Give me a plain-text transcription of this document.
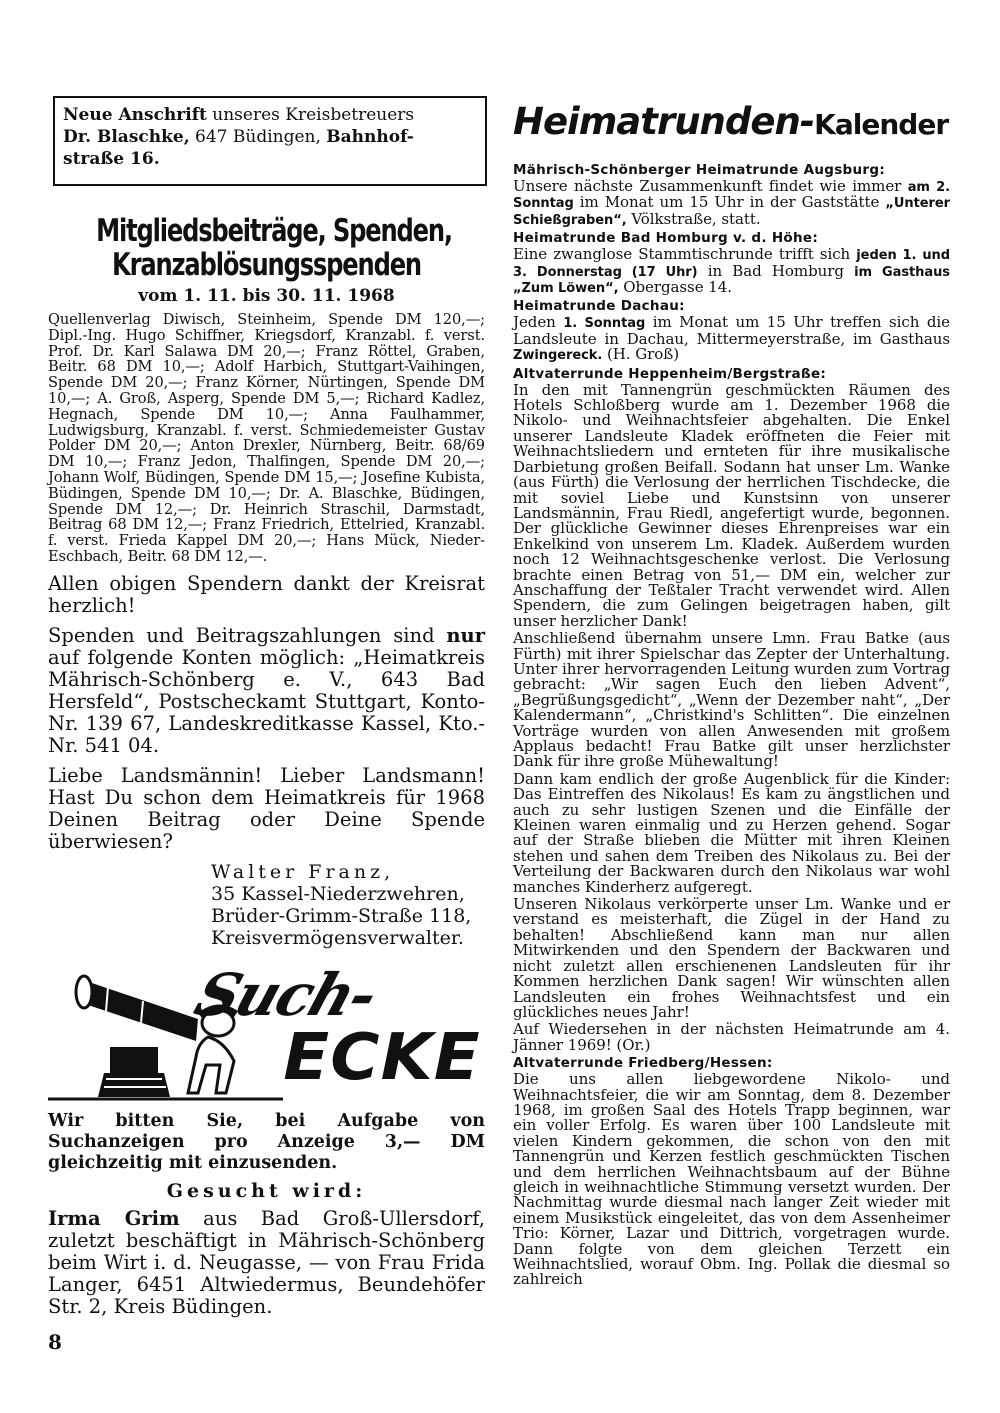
Neue Anschrift unseres Kreisbetreuers
Dr. Blaschke, 647 Büdingen, Bahnhof-
straße 16.

Mitgliedsbeiträge, Spenden,

Kranzablösungsspenden

vom 1. 11. bis 30. 11. 1968

Quellenverlag Diwisch, Steinheim, Spende DM 120,—; Dipl.-Ing. Hugo Schiffner, Kriegsdorf, Kranzabl. f. verst. Prof. Dr. Karl Salawa DM 20,—; Franz Röttel, Graben, Beitr. 68 DM 10,—; Adolf Harbich, Stuttgart-Vaihingen, Spende DM 20,—; Franz Körner, Nürtingen, Spende DM 10,—; A. Groß, Asperg, Spende DM 5,—; Richard Kadlez, Hegnach, Spende DM 10,—; Anna Faulhammer, Ludwigsburg, Kranzabl. f. verst. Schmiedemeister Gustav Polder DM 20,—; Anton Drexler, Nürnberg, Beitr. 68/69 DM 10,—; Franz Jedon, Thalfingen, Spende DM 20,—; Johann Wolf, Büdingen, Spende DM 15,—; Josefine Kubista, Büdingen, Spende DM 10,—; Dr. A. Blaschke, Büdingen, Spende DM 12,—; Dr. Heinrich Straschil, Darmstadt, Beitrag 68 DM 12,—; Franz Friedrich, Ettelried, Kranzabl. f. verst. Frieda Kappel DM 20,—; Hans Mück, Nieder-Eschbach, Beitr. 68 DM 12,—.

Allen obigen Spendern dankt der Kreisrat herzlich!

Spenden und Beitragszahlungen sind nur auf folgende Konten möglich: „Heimatkreis Mährisch-Schönberg e. V., 643 Bad Hersfeld“, Postscheckamt Stuttgart, Konto-Nr. 139 67, Landeskreditkasse Kassel, Kto.-Nr. 541 04.

Liebe Landsmännin! Lieber Landsmann! Hast Du schon dem Heimatkreis für 1968 Deinen Beitrag oder Deine Spende überwiesen?

Walter Franz,
35 Kassel-Niederzwehren,
Brüder-Grimm-Straße 118,
Kreisvermögensverwalter.
Such-
ECKE

Wir bitten Sie, bei Aufgabe von Suchanzeigen pro Anzeige 3,— DM gleichzeitig mit einzusenden.

Gesucht wird:

Irma Grim aus Bad Groß-Ullersdorf, zuletzt beschäftigt in Mährisch-Schönberg beim Wirt i. d. Neugasse, — von Frau Frida Langer, 6451 Altwiedermus, Beundehöfer Str. 2, Kreis Büdingen.

8
Heimatrunden-Kalender

Mährisch-Schönberger Heimatrunde Augsburg:

Unsere nächste Zusammenkunft findet wie immer am 2. Sonntag im Monat um 15 Uhr in der Gaststätte „Unterer Schießgraben“, Völkstraße, statt.

Heimatrunde Bad Homburg v. d. Höhe:

Eine zwanglose Stammtischrunde trifft sich jeden 1. und 3. Donnerstag (17 Uhr) in Bad Homburg im Gasthaus „Zum Löwen“, Obergasse 14.

Heimatrunde Dachau:

Jeden 1. Sonntag im Monat um 15 Uhr treffen sich die Landsleute in Dachau, Mittermeyerstraße, im Gasthaus Zwingereck. (H. Groß)

Altvaterrunde Heppenheim/Bergstraße:

In den mit Tannengrün geschmückten Räumen des Hotels Schloßberg wurde am 1. Dezember 1968 die Nikolo- und Weihnachtsfeier abgehalten. Die Enkel unserer Landsleute Kladek eröffneten die Feier mit Weihnachtsliedern und ernteten für ihre musikalische Darbietung großen Beifall. Sodann hat unser Lm. Wanke (aus Fürth) die Verlosung der herrlichen Tischdecke, die mit soviel Liebe und Kunstsinn von unserer Landsmännin, Frau Riedl, angefertigt wurde, begonnen. Der glückliche Gewinner dieses Ehrenpreises war ein Enkelkind von unserem Lm. Kladek. Außerdem wurden noch 12 Weihnachtsgeschenke verlost. Die Verlosung brachte einen Betrag von 51,— DM ein, welcher zur Anschaffung der Teßtaler Tracht verwendet wird. Allen Spendern, die zum Gelingen beigetragen haben, gilt unser herzlicher Dank!

Anschließend übernahm unsere Lmn. Frau Batke (aus Fürth) mit ihrer Spielschar das Zepter der Unterhaltung. Unter ihrer hervorragenden Leitung wurden zum Vortrag gebracht: „Wir sagen Euch den lieben Advent“, „Begrüßungsgedicht“, „Wenn der Dezember naht“, „Der Kalendermann“, „Christkind's Schlitten“. Die einzelnen Vorträge wurden von allen Anwesenden mit großem Applaus bedacht! Frau Batke gilt unser herzlichster Dank für ihre große Mühewaltung!

Dann kam endlich der große Augenblick für die Kinder: Das Eintreffen des Nikolaus! Es kam zu ängstlichen und auch zu sehr lustigen Szenen und die Einfälle der Kleinen waren einmalig und zu Herzen gehend. Sogar auf der Straße blieben die Mütter mit ihren Kleinen stehen und sahen dem Treiben des Nikolaus zu. Bei der Verteilung der Backwaren durch den Nikolaus war wohl manches Kinderherz aufgeregt.

Unseren Nikolaus verkörperte unser Lm. Wanke und er verstand es meisterhaft, die Zügel in der Hand zu behalten! Abschließend kann man nur allen Mitwirkenden und den Spendern der Backwaren und nicht zuletzt allen erschienenen Landsleuten für ihr Kommen herzlichen Dank sagen! Wir wünschten allen Landsleuten ein frohes Weihnachtsfest und ein glückliches neues Jahr!

Auf Wiedersehen in der nächsten Heimatrunde am 4. Jänner 1969! (Or.)

Altvaterrunde Friedberg/Hessen:

Die uns allen liebgewordene Nikolo- und Weihnachtsfeier, die wir am Sonntag, dem 8. Dezember 1968, im großen Saal des Hotels Trapp beginnen, war ein voller Erfolg. Es waren über 100 Landsleute mit vielen Kindern gekommen, die schon von den mit Tannengrün und Kerzen festlich geschmückten Tischen und dem herrlichen Weihnachtsbaum auf der Bühne gleich in weihnachtliche Stimmung versetzt wurden. Der Nachmittag wurde diesmal nach langer Zeit wieder mit einem Musikstück eingeleitet, das von dem Assenheimer Trio: Körner, Lazar und Dittrich, vorgetragen wurde. Dann folgte von dem gleichen Terzett ein Weihnachtslied, worauf Obm. Ing. Pollak die diesmal so zahlreich
